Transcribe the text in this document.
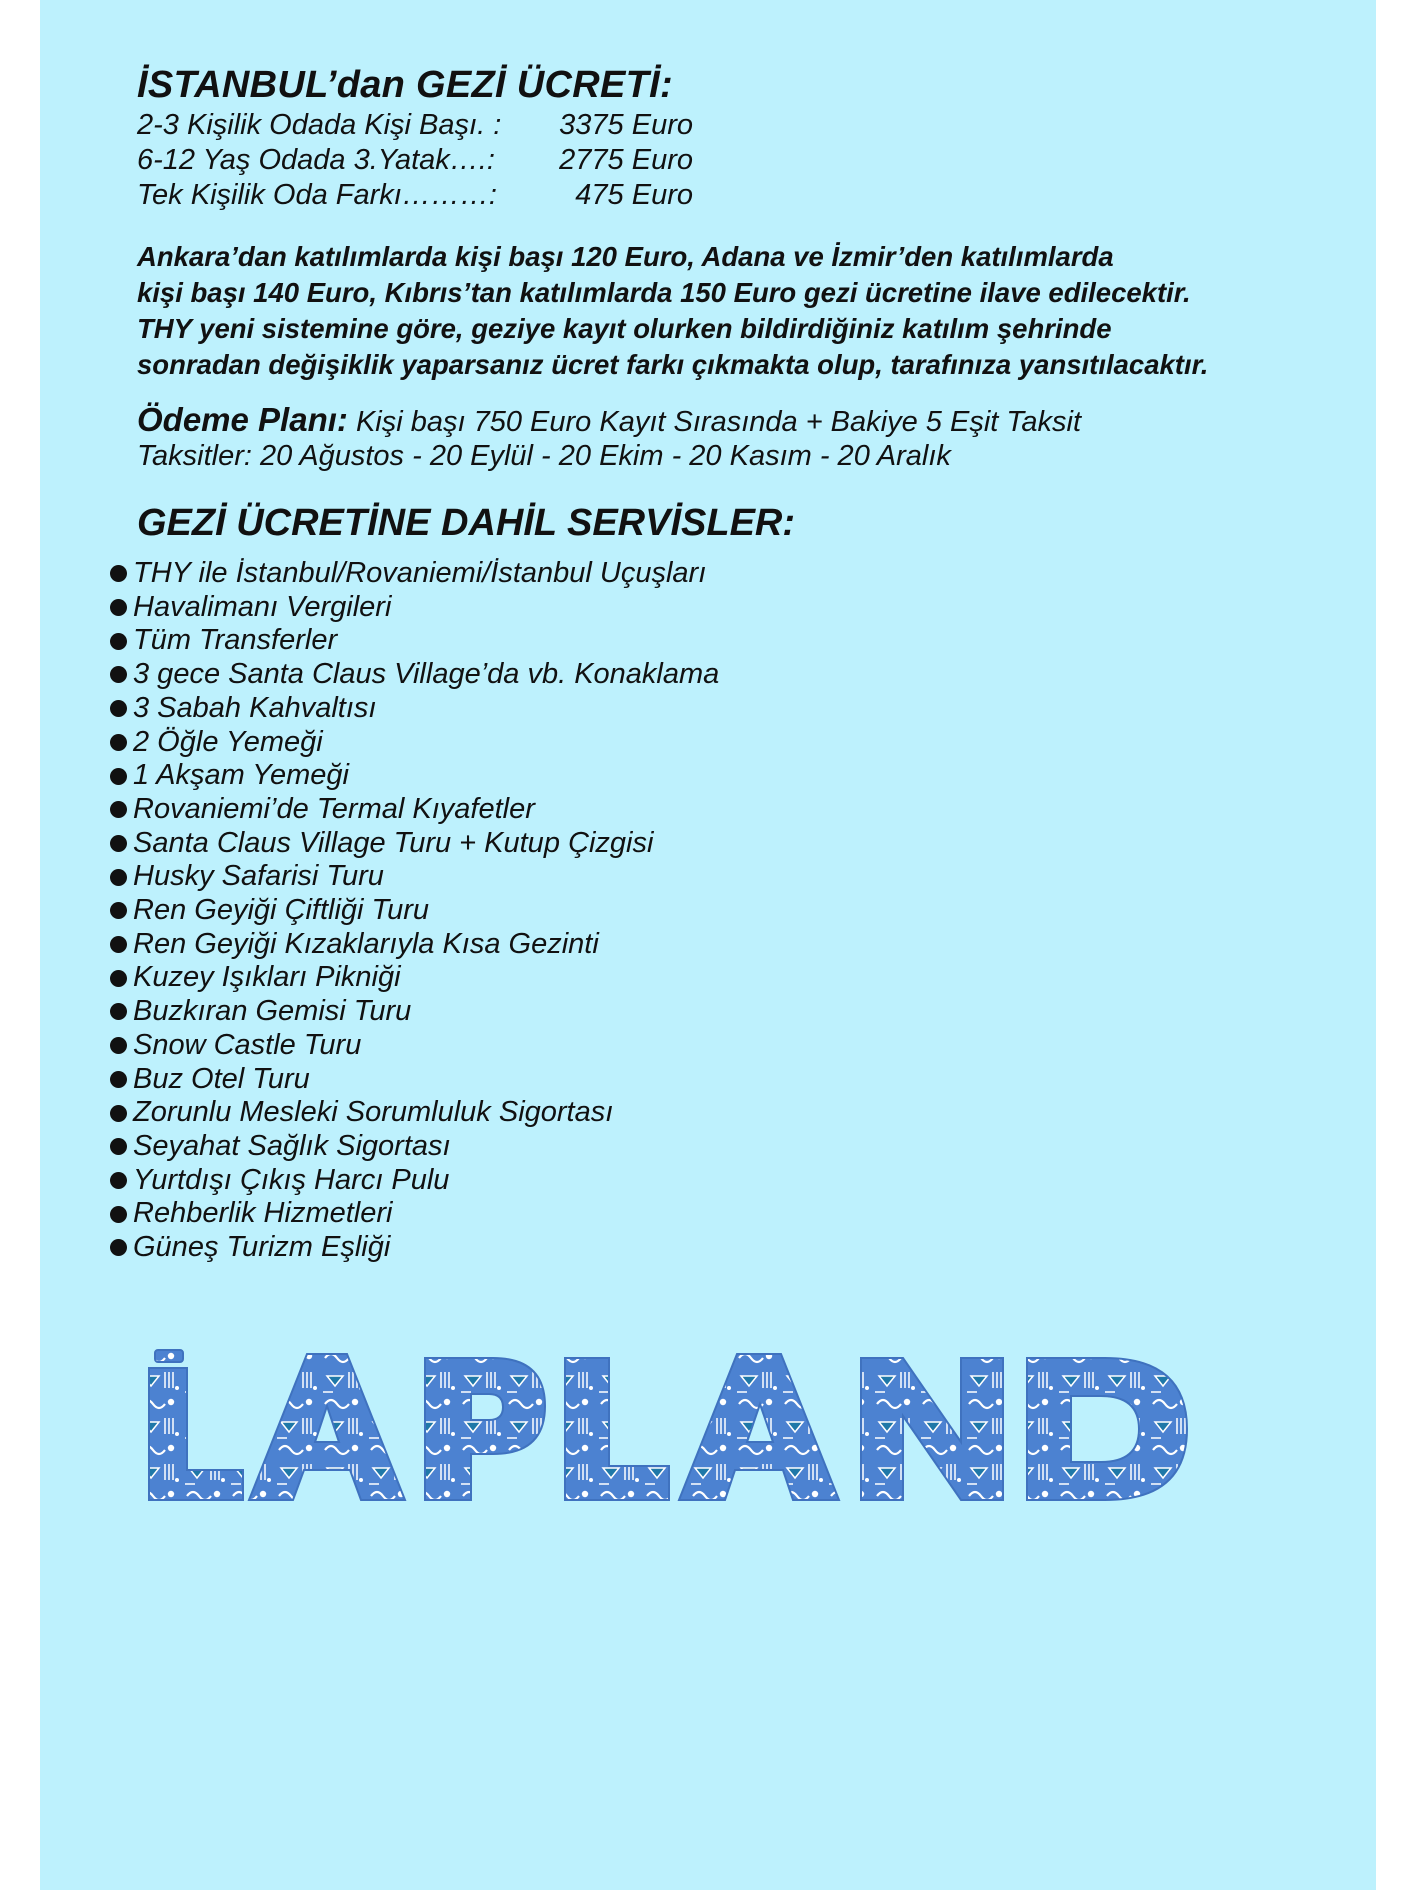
İSTANBUL’dan GEZİ ÜCRETİ:
2-3 Kişilik Odada Kişi Başı. :	3375 Euro
6-12 Yaş Odada 3.Yatak….:	2775 Euro
Tek Kişilik Oda Farkı………:	475 Euro
Ankara’dan katılımlarda kişi başı 120 Euro, Adana ve İzmir’den katılımlarda
kişi başı 140 Euro, Kıbrıs’tan katılımlarda 150 Euro gezi ücretine ilave edilecektir.
THY yeni sistemine göre, geziye kayıt olurken bildirdiğiniz katılım şehrinde
sonradan değişiklik yaparsanız ücret farkı çıkmakta olup, tarafınıza yansıtılacaktır.
Ödeme Planı: Kişi başı 750 Euro Kayıt Sırasında + Bakiye 5 Eşit Taksit
Taksitler: 20 Ağustos - 20 Eylül - 20 Ekim - 20 Kasım - 20 Aralık
GEZİ ÜCRETİNE DAHİL SERVİSLER:
THY ile İstanbul/Rovaniemi/İstanbul Uçuşları
Havalimanı Vergileri
Tüm Transferler
3 gece Santa Claus Village’da vb. Konaklama
3 Sabah Kahvaltısı
2 Öğle Yemeği
1 Akşam Yemeği
Rovaniemi’de Termal Kıyafetler
Santa Claus Village Turu + Kutup Çizgisi
Husky Safarisi Turu
Ren Geyiği Çiftliği Turu
Ren Geyiği Kızaklarıyla Kısa Gezinti
Kuzey Işıkları Pikniği
Buzkıran Gemisi Turu
Snow Castle Turu
Buz Otel Turu
Zorunlu Mesleki Sorumluluk Sigortası
Seyahat Sağlık Sigortası
Yurtdışı Çıkış Harcı Pulu
Rehberlik Hizmetleri
Güneş Turizm Eşliği
